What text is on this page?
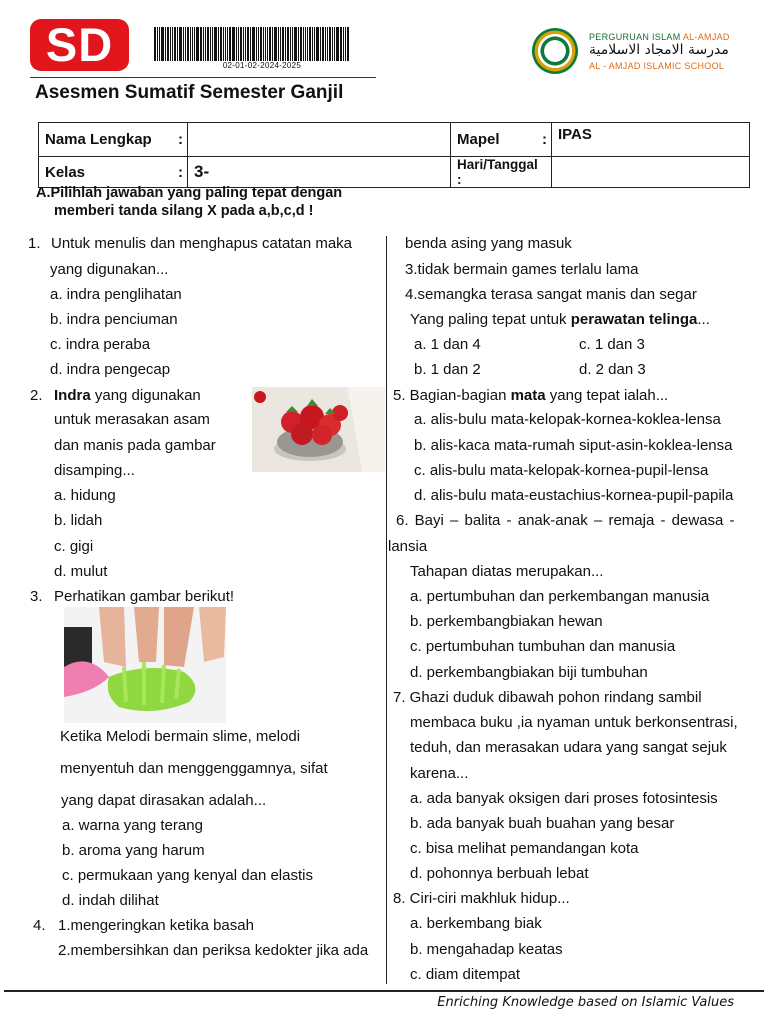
SD	02-01-02-2024-2025
Asesmen Sumatif Semester Ganjil
PERGURUAN ISLAM AL-AMJAD
مدرسة الامجاد الاسلامية
AL - AMJAD ISLAMIC SCHOOL
Nama Lengkap	:		Mapel	:	IPAS
Kelas	:	3-	Hari/Tanggal :		
A.Pilihlah jawaban yang paling tepat dengan
memberi tanda silang X pada a,b,c,d !
1. Untuk menulis dan menghapus catatan maka
yang digunakan...
a. indra penglihatan
b. indra penciuman
c. indra peraba
d. indra pengecap
2. Indra yang digunakan
untuk merasakan asam
dan manis pada gambar
disamping...
a. hidung
b. lidah
c. gigi
d. mulut
3. Perhatikan gambar berikut!
Ketika Melodi bermain slime, melodi
menyentuh dan menggenggamnya, sifat
yang dapat dirasakan adalah...
a. warna yang terang
b. aroma yang harum
c. permukaan yang kenyal dan elastis
d. indah dilihat
4. 1.mengeringkan ketika basah
2.membersihkan dan periksa kedokter jika ada
benda asing yang masuk
3.tidak bermain games terlalu lama
4.semangka terasa sangat manis dan segar
Yang paling tepat untuk perawatan telinga...
a. 1 dan 4	c. 1 dan 3
b. 1 dan 2	d. 2 dan 3
5. Bagian-bagian mata yang tepat ialah...
a. alis-bulu mata-kelopak-kornea-koklea-lensa
b. alis-kaca mata-rumah siput-asin-koklea-lensa
c. alis-bulu mata-kelopak-kornea-pupil-lensa
d. alis-bulu mata-eustachius-kornea-pupil-papila
6. Bayi – balita - anak-anak – remaja - dewasa -
lansia
Tahapan diatas merupakan...
a. pertumbuhan dan perkembangan manusia
b. perkembangbiakan hewan
c. pertumbuhan tumbuhan dan manusia
d. perkembangbiakan biji tumbuhan
7. Ghazi duduk dibawah pohon rindang sambil
membaca buku ,ia nyaman untuk berkonsentrasi,
teduh, dan merasakan udara yang sangat sejuk
karena...
a. ada banyak oksigen dari proses fotosintesis
b. ada banyak buah buahan yang besar
c. bisa melihat pemandangan kota
d. pohonnya berbuah lebat
8. Ciri-ciri makhluk hidup...
a. berkembang biak
b. mengahadap keatas
c. diam ditempat
Enriching Knowledge based on Islamic Values
